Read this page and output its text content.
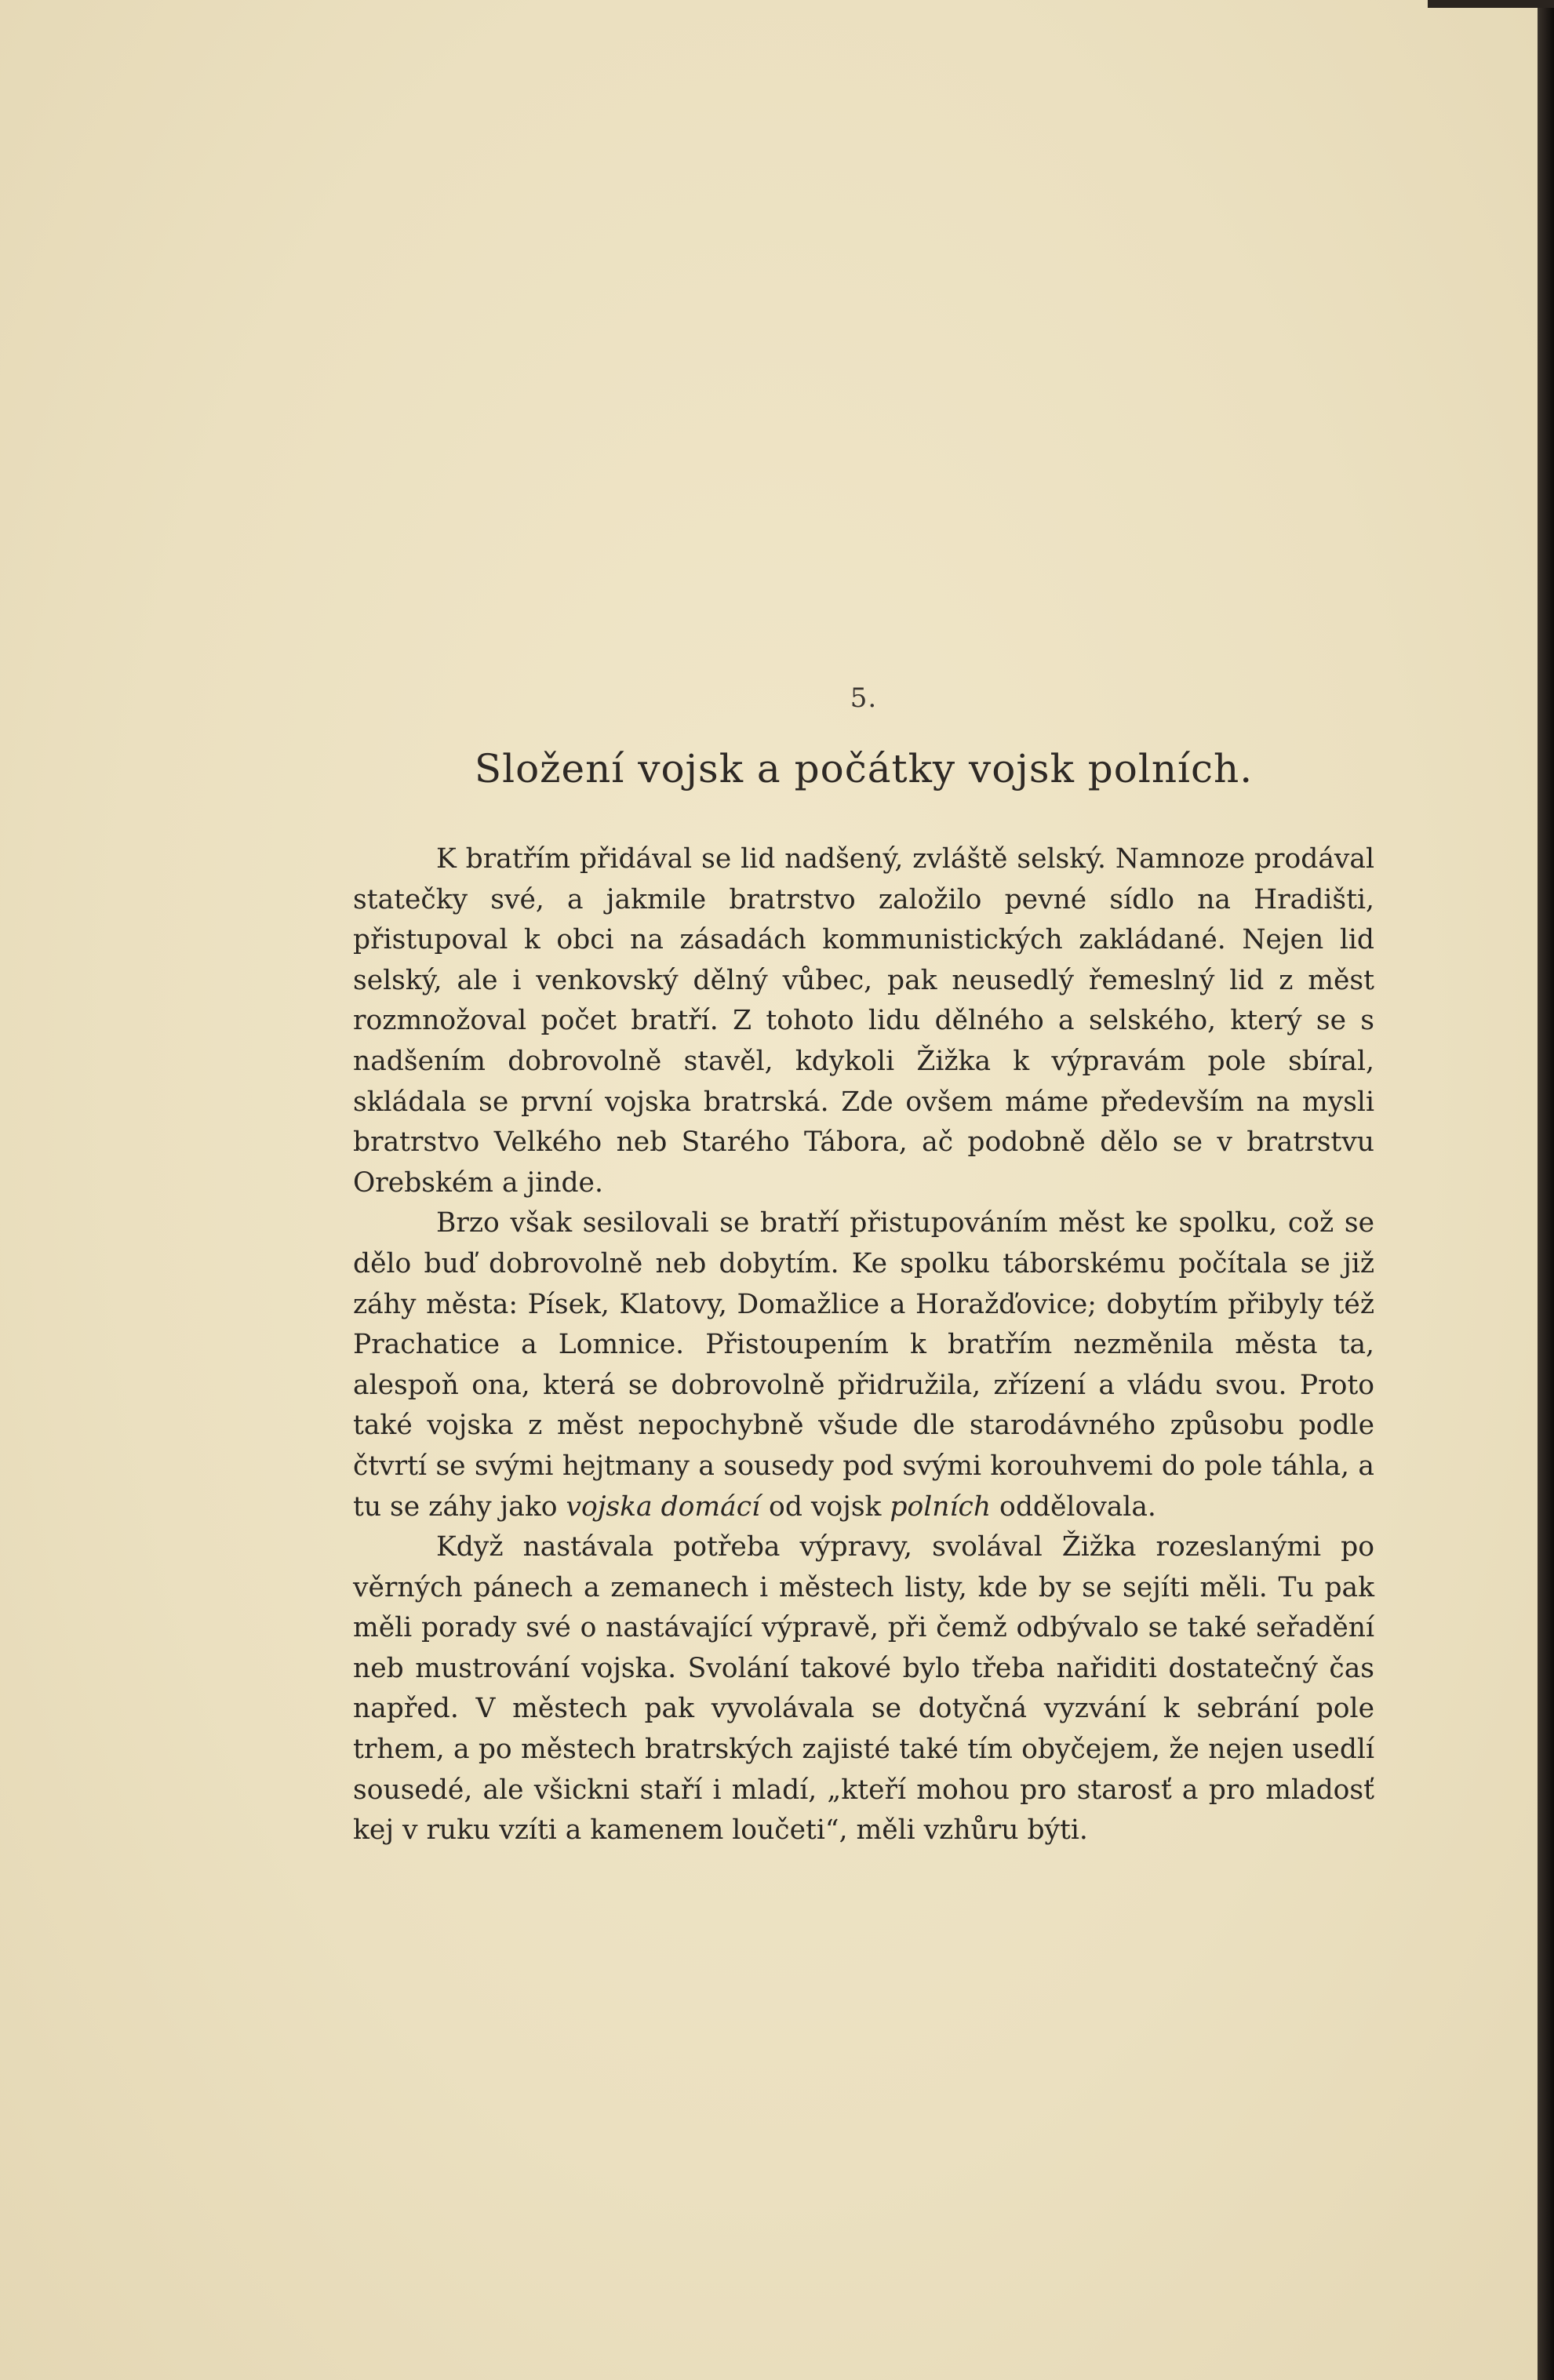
5.
Složení vojsk a počátky vojsk polních.

K bratřím přidával se lid nadšený, zvláště selský. Namnoze prodával statečky své, a jakmile bratrstvo založilo pevné sídlo na Hradišti, přistupoval k obci na zásadách kommunistických zakládané. Nejen lid selský, ale i venkovský dělný vůbec, pak neusedlý řemeslný lid z měst rozmnožoval počet bratří. Z tohoto lidu dělného a selského, který se s nadšením dobrovolně stavěl, kdykoli Žižka k výpravám pole sbíral, skládala se první vojska bratrská. Zde ovšem máme především na mysli bratrstvo Velkého neb Starého Tábora, ač podobně dělo se v bratrstvu Orebském a jinde.

Brzo však sesilovali se bratří přistupováním měst ke spolku, což se dělo buď dobrovolně neb dobytím. Ke spolku táborskému počítala se již záhy města: Písek, Klatovy, Domažlice a Horažďovice; dobytím přibyly též Prachatice a Lomnice. Přistoupením k bratřím nezměnila města ta, alespoň ona, která se dobrovolně přidružila, zřízení a vládu svou. Proto také vojska z měst nepochybně všude dle starodávného způsobu podle čtvrtí se svými hejtmany a sousedy pod svými korouhvemi do pole táhla, a tu se záhy jako vojska domácí od vojsk polních oddělovala.

Když nastávala potřeba výpravy, svolával Žižka rozeslanými po věrných pánech a zemanech i městech listy, kde by se sejíti měli. Tu pak měli porady své o nastávající výpravě, při čemž odbývalo se také seřadění neb mustrování vojska. Svolání takové bylo třeba nařiditi dostatečný čas napřed. V městech pak vyvolávala se dotyčná vyzvání k sebrání pole trhem, a po městech bratrských zajisté také tím obyčejem, že nejen usedlí sousedé, ale všickni staří i mladí, „kteří mohou pro starosť a pro mladosť kej v ruku vzíti a kamenem loučeti“, měli vzhůru býti.
